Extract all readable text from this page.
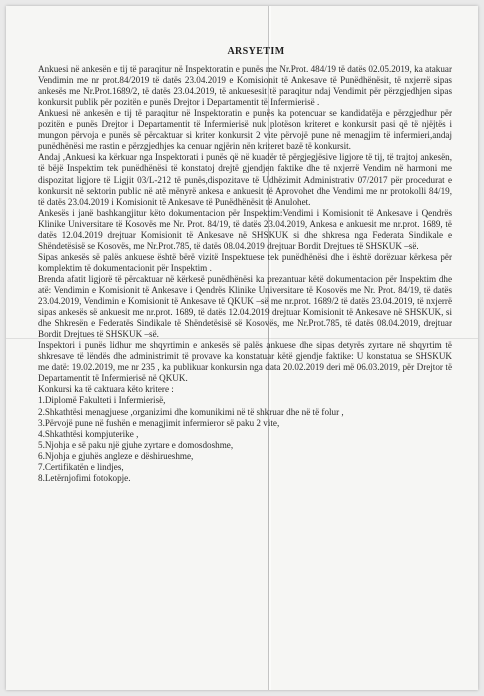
ARSYETIM

Ankuesi në ankesën e tij të paraqitur në Inspektoratin e punës me Nr.Prot. 484/19 të datës 02.05.2019, ka atakuar Vendimin me nr prot.84/2019 të datës 23.04.2019 e Komisionit të Ankesave të Punëdhënësit, të nxjerrë sipas ankesës me Nr.Prot.1689/2, të datës 23.04.2019, të ankuesesit të paraqitur ndaj Vendimit për përzgjedhjen sipas konkursit publik për pozitën e punës Drejtor i Departamentit të Infermierisë .

Ankuesi në ankesën e tij të paraqitur në Inspektoratin e punës ka potencuar se kandidatëja e përzgjedhur për pozitën e punës Drejtor i Departamentit të Infermierisë nuk plotëson kriteret e konkursit pasi që të njëjtës i mungon përvoja e punës së përcaktuar si kriter konkursit 2 vite përvojë pune në menagjim të infermieri,andaj punëdhënësi me rastin e përzgjedhjes ka cenuar ngjërin nën kriteret bazë të konkursit.

Andaj ,Ankuesi ka kërkuar nga Inspektorati i punës që në kuadër të përgjegjësive ligjore të tij, të trajtoj ankesën, të bëjë Inspektim tek punëdhënësi të konstatoj drejtë gjendjen faktike dhe të nxjerrë Vendim në harmoni me dispozitat ligjore të Ligjit 03/L-212 të punës,dispozitave të Udhëzimit Administrativ 07/2017 për procedurat e konkursit në sektorin public në atë mënyrë ankesa e ankuesit të Aprovohet dhe Vendimi me nr protokolli 84/19, të datës 23.04.2019 i Komisionit të Ankesave të Punëdhënësit të Anulohet.

Ankesës i janë bashkangjitur këto dokumentacion për Inspektim:Vendimi i Komisionit të Ankesave i Qendrës Klinike Universitare të Kosovës me Nr. Prot. 84/19, të datës 23.04.2019, Ankesa e ankuesit me nr.prot. 1689, të datës 12.04.2019 drejtuar Komisionit të Ankesave në SHSKUK si dhe shkresa nga Federata Sindikale e Shëndetësisë se Kosovës, me Nr.Prot.785, të datës 08.04.2019 drejtuar Bordit Drejtues të SHSKUK –së.

Sipas ankesës së palës ankuese është bërë vizitë Inspektuese tek punëdhënësi dhe i është dorëzuar kërkesa për komplektim të dokumentacionit për Inspektim .

Brenda afatit ligjorë të përcaktuar në kërkesë punëdhënësi ka prezantuar këtë dokumentacion për Inspektim dhe atë: Vendimin e Komisionit të Ankesave i Qendrës Klinike Universitare të Kosovës me Nr. Prot. 84/19, të datës 23.04.2019, Vendimin e Komisionit të Ankesave të QKUK –së me nr.prot. 1689/2 të datës 23.04.2019, të nxjerrë sipas ankesës së ankuesit me nr.prot. 1689, të datës 12.04.2019 drejtuar Komisionit të Ankesave në SHSKUK, si dhe Shkresën e Federatës Sindikale të Shëndetësisë së Kosovës, me Nr.Prot.785, të datës 08.04.2019, drejtuar Bordit Drejtues të SHSKUK –së.

Inspektori i punës lidhur me shqyrtimin e ankesës së palës ankuese dhe sipas detyrës zyrtare në shqyrtim të shkresave të lëndës dhe administrimit të provave ka konstatuar këtë gjendje faktike: U konstatua se SHSKUK me datë: 19.02.2019, me nr 235 , ka publikuar konkursin nga data 20.02.2019 deri më 06.03.2019, për Drejtor të Departamentit të Infermierisë në QKUK.

Konkursi ka të caktuara këto kritere :

1.Diplomë Fakulteti i Infermierisë,
2.Shkathtësi menagjuese ,organizimi dhe komunikimi në të shkruar dhe në të folur ,
3.Përvojë pune në fushën e menagjimit infermieror së paku 2 vite,
4.Shkathtësi kompjuterike ,
5.Njohja e së paku një gjuhe zyrtare e domosdoshme,
6.Njohja e gjuhës angleze e dëshirueshme,
7.Certifikatën e lindjes,
8.Letërnjofimi fotokopje.
